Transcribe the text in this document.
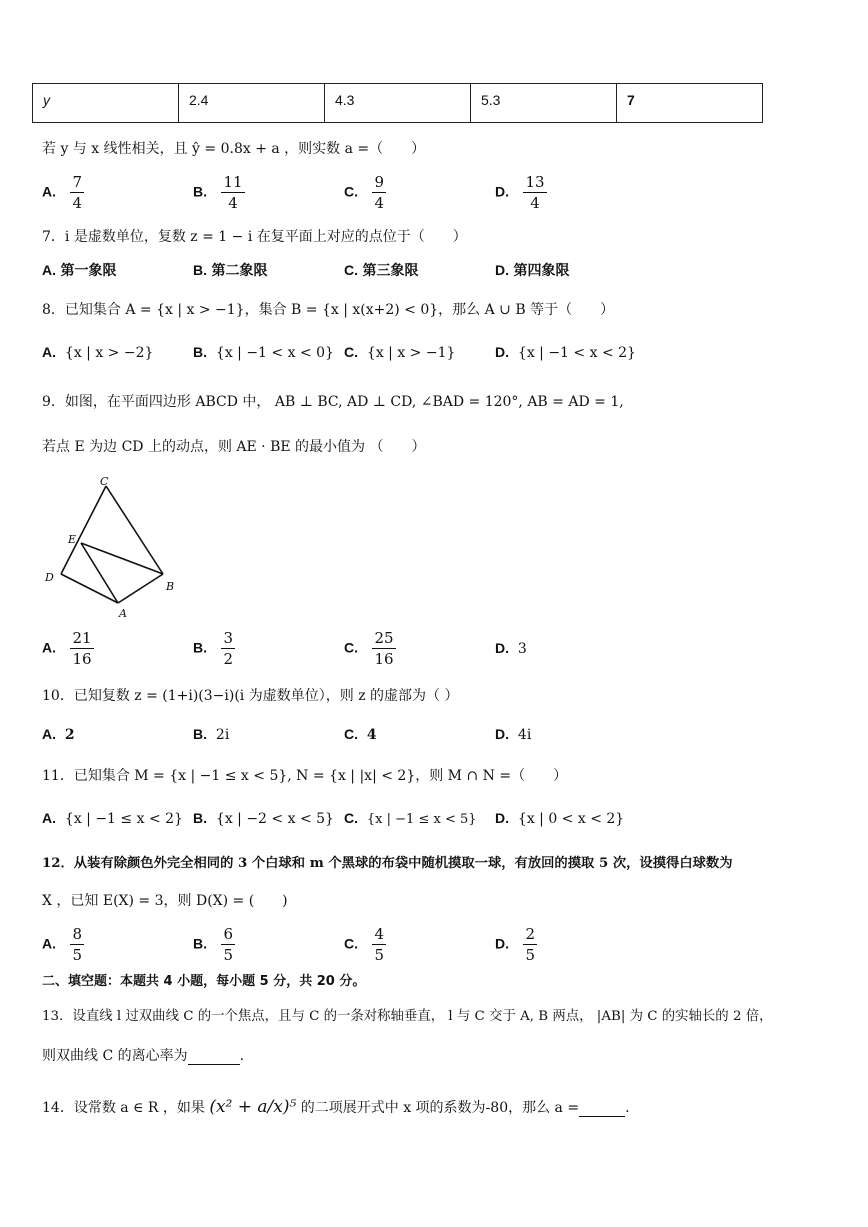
y	2.4	4.3	5.3	7
若 y 与 x 线性相关，且 ŷ = 0.8x + a ，则实数 a =（　　）
A. $\frac{7}{4}$	B. $\frac{11}{4}$	C. $\frac{9}{4}$	D. $\frac{13}{4}$
7．i 是虚数单位，复数 z = 1 − i 在复平面上对应的点位于（　　）
A. 第一象限	B. 第二象限	C. 第三象限	D. 第四象限
8．已知集合 A = {x | x > −1}，集合 B = {x | x(x+2) < 0}，那么 A ∪ B 等于（　　）
A. {x | x > −2}	B. {x | −1 < x < 0} C. {x | x > −1}	D. {x | −1 < x < 2}
9．如图，在平面四边形 ABCD 中， AB ⊥ BC, AD ⊥ CD, ∠BAD = 120°, AB = AD = 1,
若点 E 为边 CD 上的动点，则 AE · BE 的最小值为 （　　）
C
E
D
B
A
A. $\frac{21}{16}$	B. $\frac{3}{2}$	C. $\frac{25}{16}$	D. 3
10．已知复数 z = (1+i)(3−i)(i 为虚数单位），则 z 的虚部为（ ）
A. 2	B. 2i	C. 4	D. 4i
11．已知集合 M = {x | −1 ≤ x < 5}, N = {x | |x| < 2}，则 M ∩ N =（　　）
A. {x | −1 ≤ x < 2} B. {x | −2 < x < 5} C. {x | −1 ≤ x < 5} D. {x | 0 < x < 2}
12．从装有除颜色外完全相同的 3 个白球和 m 个黑球的布袋中随机摸取一球，有放回的摸取 5 次，设摸得白球数为
X ，已知 E(X) = 3，则 D(X) = (　　)
A. $\frac{8}{5}$	B. $\frac{6}{5}$	C. $\frac{4}{5}$	D. $\frac{2}{5}$
二、填空题：本题共 4 小题，每小题 5 分，共 20 分。
13．设直线 l 过双曲线 C 的一个焦点，且与 C 的一条对称轴垂直， l 与 C 交于 A, B 两点， |AB| 为 C 的实轴长的 2 倍，
则双曲线 C 的离心率为	.
14．设常数 a ∈ R ，如果 (x² + a/x)⁵ 的二项展开式中 x 项的系数为-80，那么 a =	.
